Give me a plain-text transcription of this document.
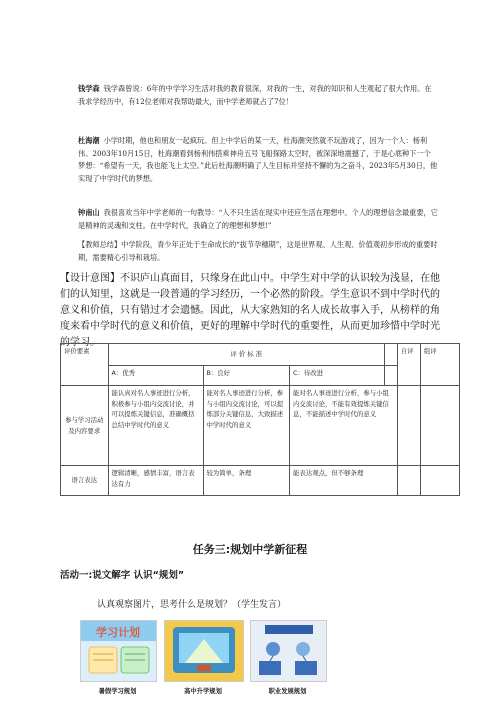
钱学森 钱学森曾说：6年的中学学习生活对我的教育很深，对我的一生，对我的知识和人生观起了很大作用。在我求学经历中，有12位老师对我帮助最大，而中学老师就占了7位！
杜海潮 小学时期，他也和朋友一起疯玩。但上中学后的某一天，杜海潮突然就不玩游戏了，因为一个人：杨利伟。2003年10月15日，杜海潮看到杨利伟搭乘神舟五号飞船探路太空时，被深深地震撼了，于是心底种下一个梦想：“希望有一天，我也能飞上太空。”此后杜海潮明确了人生目标并坚持不懈的为之奋斗，2023年5月30日，他实现了中学时代的梦想。
钟南山 我很喜欢当年中学老师的一句教导：“人不只生活在现实中还应生活在理想中。个人的理想信念最重要，它是精神的灵魂和支柱。在中学时代，我确立了的理想和梦想!”
【教师总结】中学阶段，青少年正处于生命成长的“拔节孕穗期”，这是世界观、人生观、价值观初步形成的重要时期，需要精心引导和栽培。
【设计意图】不识庐山真面目，只缘身在此山中。中学生对中学的认识较为浅显，在他们的认知里，这就是一段普通的学习经历，一个必然的阶段。学生意识不到中学时代的意义和价值，只有错过才会遗憾。因此，从大家熟知的名人成长故事入手，从榜样的角度来看中学时代的意义和价值，更好的理解中学时代的重要性，从而更加珍惜中学时光的学习。
评价要素	评 价 标 准				自评	组评
	A：优秀	B：良好	C：待改进			
参与学习活动及内容要求	能认真对名人事迹进行分析，积极参与小组内交流讨论，并可以提炼关键信息，准确概括总结中学时代的意义	能对名人事迹进行分析，参与小组内交流讨论，可以提炼部分关键信息，大致描述中学时代的意义	能对名人事迹进行分析，参与小组内交流讨论，不能有效提炼关键信息，不能描述中学时代的意义			
语言表达	逻辑清晰，感情丰富，语言表达有力	较为简单，条理	能表达观点，但不够条理			
任务三:规划中学新征程
活动一:说文解字 认识“规划”
认真观察图片，思考什么是规划？（学生发言）
学习计划
暑假学习规划	高中升学规划	职业发展规划
